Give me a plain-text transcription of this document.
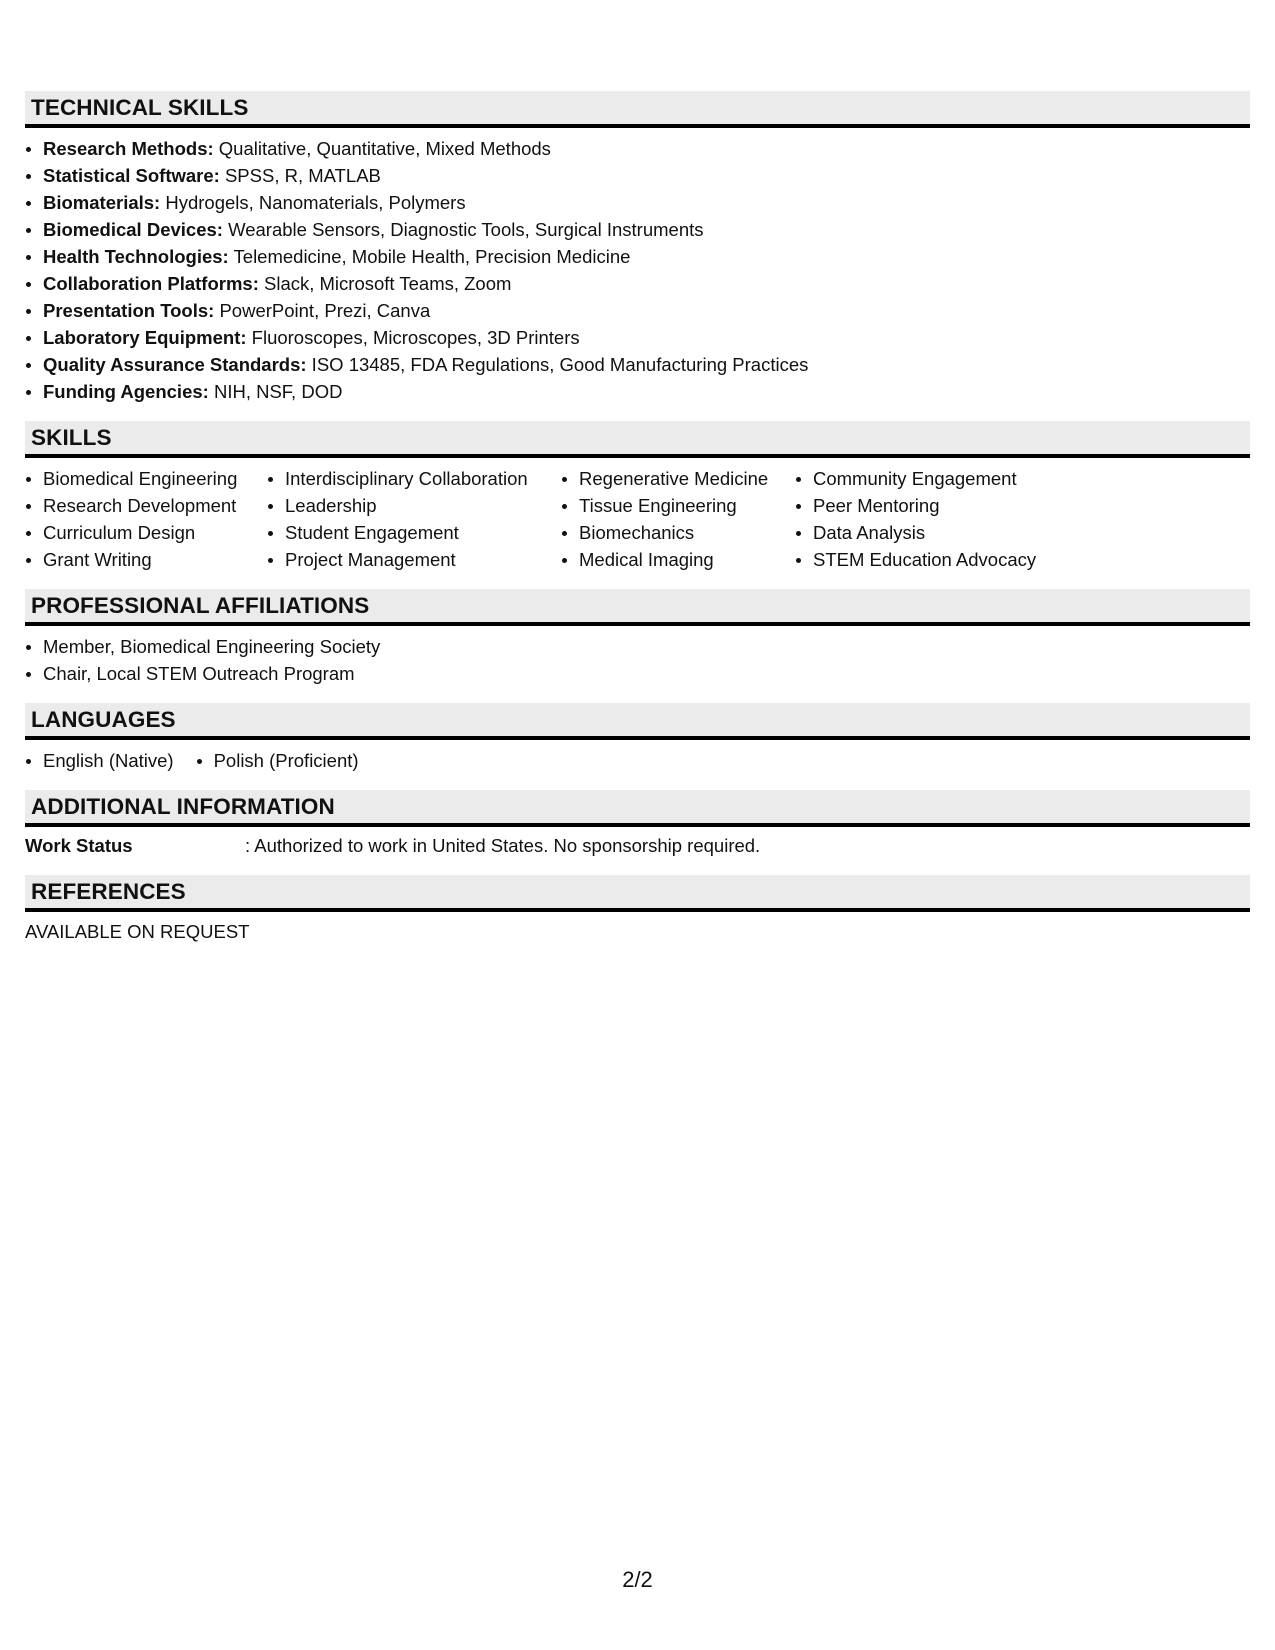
TECHNICAL SKILLS
Research Methods: Qualitative, Quantitative, Mixed Methods
Statistical Software: SPSS, R, MATLAB
Biomaterials: Hydrogels, Nanomaterials, Polymers
Biomedical Devices: Wearable Sensors, Diagnostic Tools, Surgical Instruments
Health Technologies: Telemedicine, Mobile Health, Precision Medicine
Collaboration Platforms: Slack, Microsoft Teams, Zoom
Presentation Tools: PowerPoint, Prezi, Canva
Laboratory Equipment: Fluoroscopes, Microscopes, 3D Printers
Quality Assurance Standards: ISO 13485, FDA Regulations, Good Manufacturing Practices
Funding Agencies: NIH, NSF, DOD
SKILLS
Biomedical Engineering
Research Development
Curriculum Design
Grant Writing
Interdisciplinary Collaboration
Leadership
Student Engagement
Project Management
Regenerative Medicine
Tissue Engineering
Biomechanics
Medical Imaging
Community Engagement
Peer Mentoring
Data Analysis
STEM Education Advocacy
PROFESSIONAL AFFILIATIONS
Member, Biomedical Engineering Society
Chair, Local STEM Outreach Program
LANGUAGES
English (Native)	Polish (Proficient)
ADDITIONAL INFORMATION
Work Status	: Authorized to work in United States. No sponsorship required.
REFERENCES
AVAILABLE ON REQUEST
2/2
